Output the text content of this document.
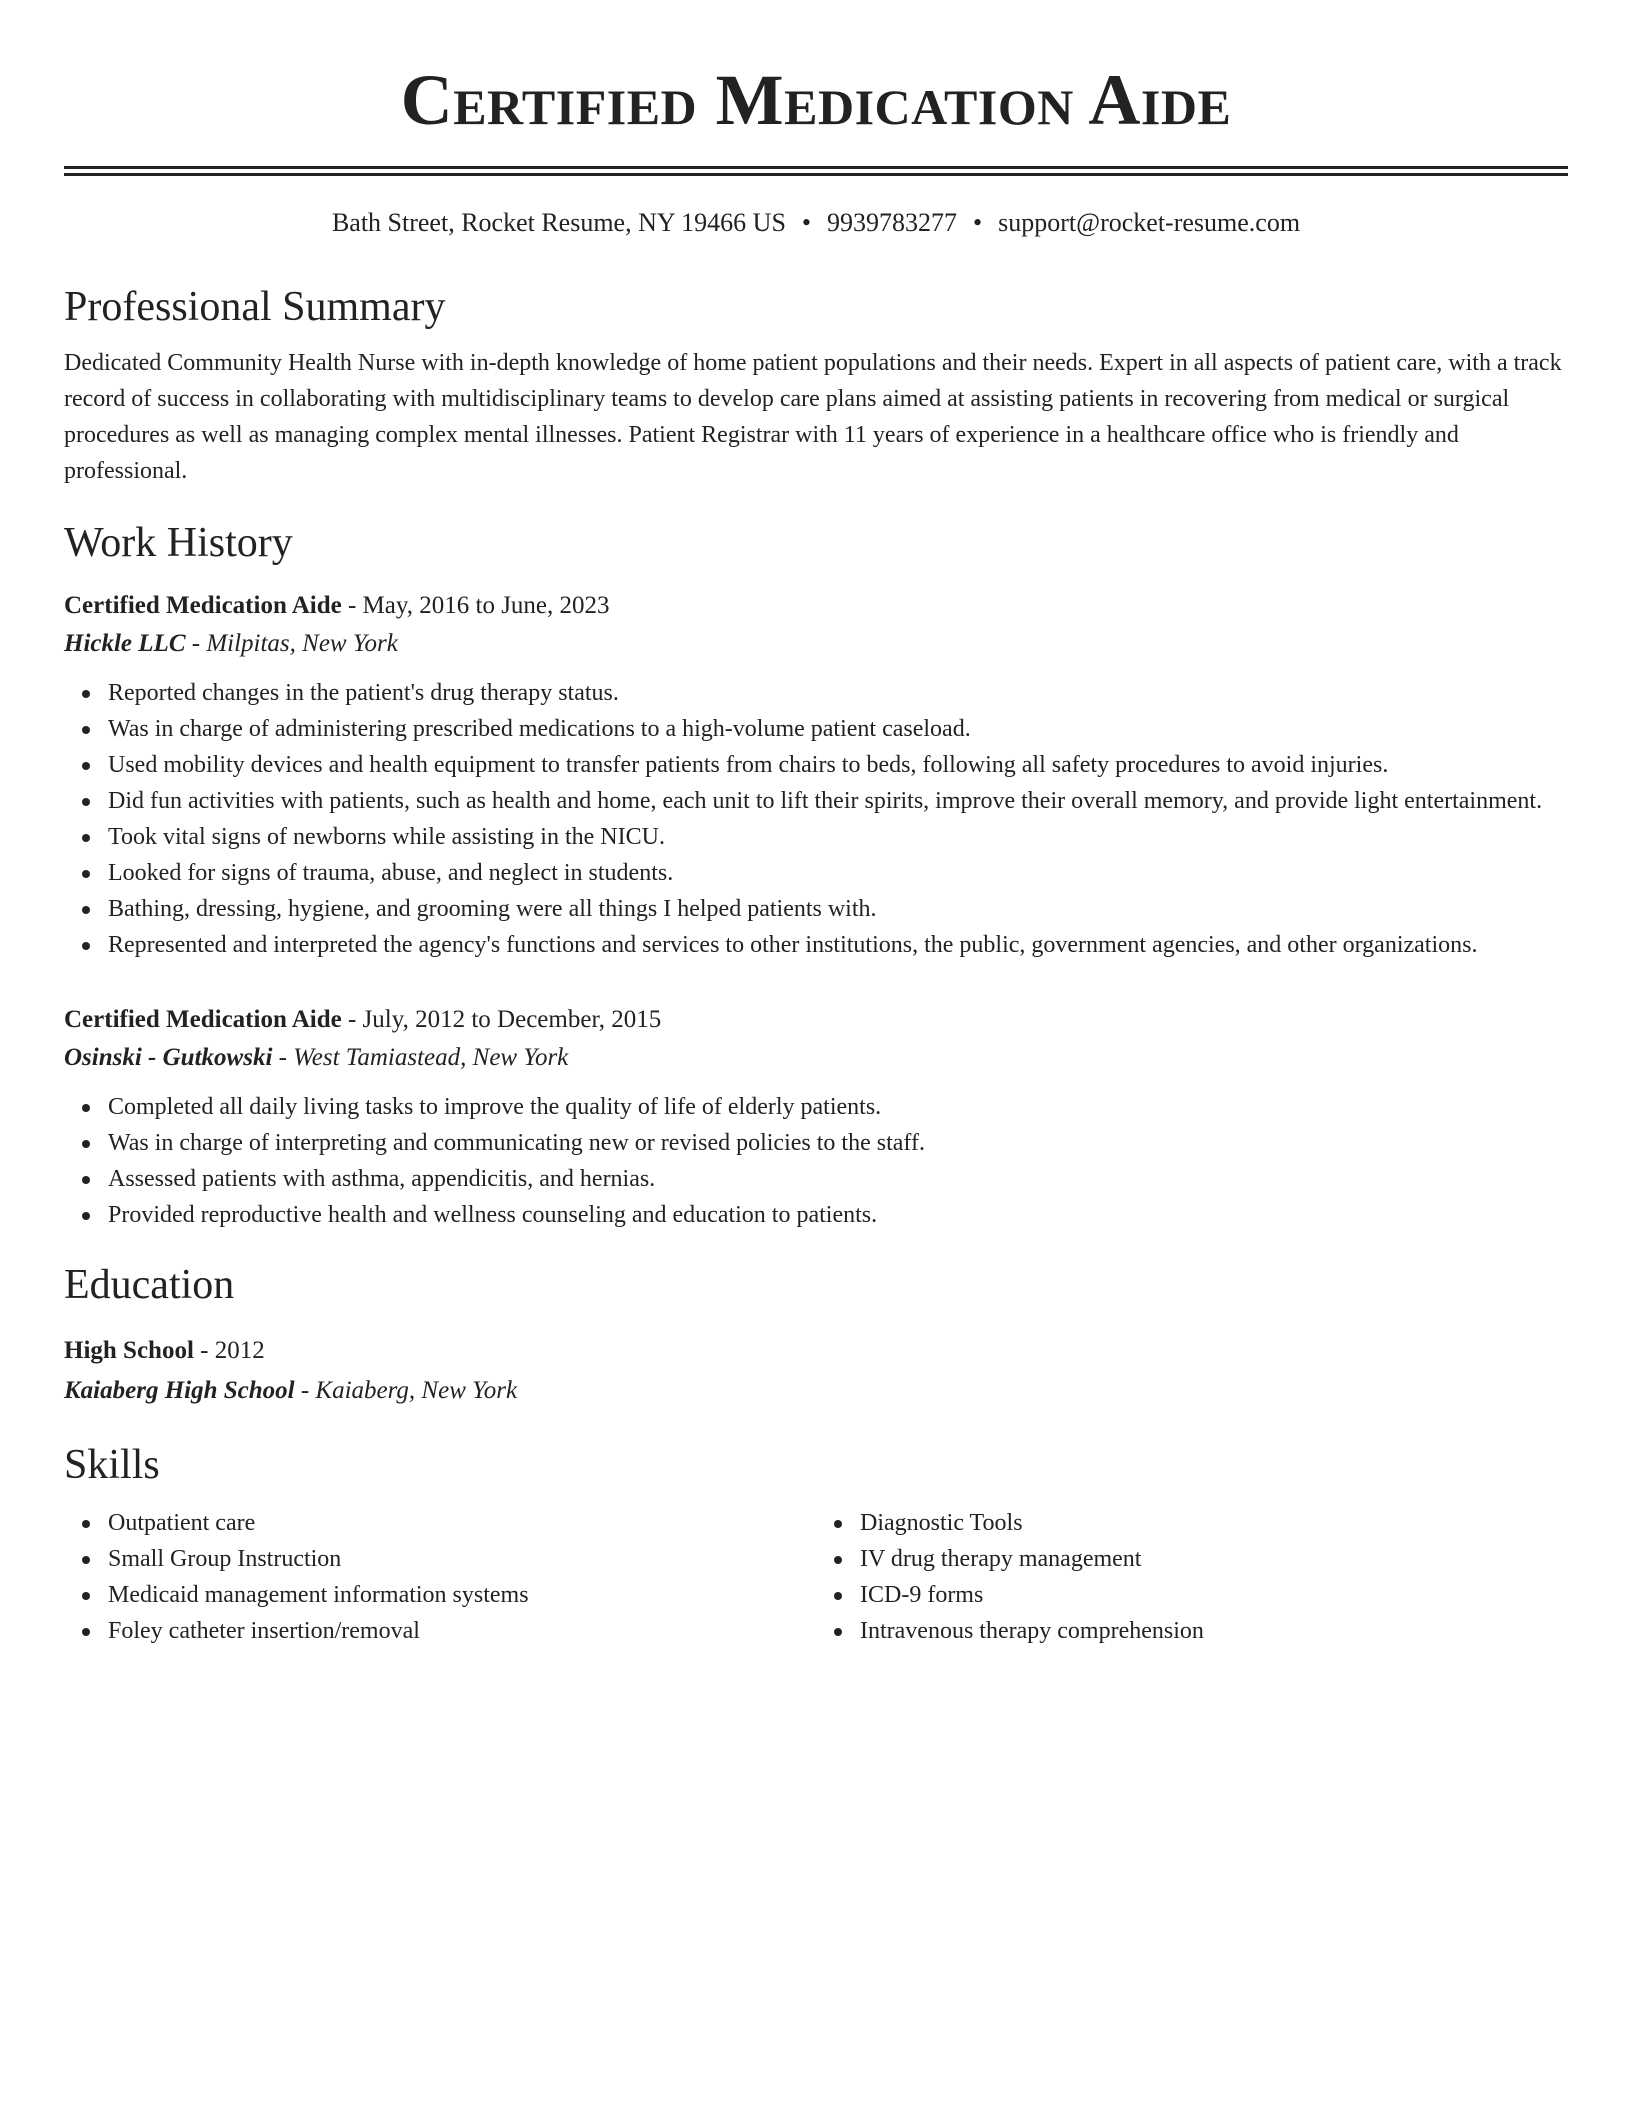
Certified Medication Aide
Bath Street, Rocket Resume, NY 19466 US • 9939783277 • support@rocket-resume.com
Professional Summary
Dedicated Community Health Nurse with in-depth knowledge of home patient populations and their needs. Expert in all aspects of patient care, with a track record of success in collaborating with multidisciplinary teams to develop care plans aimed at assisting patients in recovering from medical or surgical procedures as well as managing complex mental illnesses. Patient Registrar with 11 years of experience in a healthcare office who is friendly and professional.
Work History
Certified Medication Aide - May, 2016 to June, 2023
Hickle LLC - Milpitas, New York
Reported changes in the patient's drug therapy status.
Was in charge of administering prescribed medications to a high-volume patient caseload.
Used mobility devices and health equipment to transfer patients from chairs to beds, following all safety procedures to avoid injuries.
Did fun activities with patients, such as health and home, each unit to lift their spirits, improve their overall memory, and provide light entertainment.
Took vital signs of newborns while assisting in the NICU.
Looked for signs of trauma, abuse, and neglect in students.
Bathing, dressing, hygiene, and grooming were all things I helped patients with.
Represented and interpreted the agency's functions and services to other institutions, the public, government agencies, and other organizations.
Certified Medication Aide - July, 2012 to December, 2015
Osinski - Gutkowski - West Tamiastead, New York
Completed all daily living tasks to improve the quality of life of elderly patients.
Was in charge of interpreting and communicating new or revised policies to the staff.
Assessed patients with asthma, appendicitis, and hernias.
Provided reproductive health and wellness counseling and education to patients.
Education
High School - 2012
Kaiaberg High School - Kaiaberg, New York
Skills
Outpatient care
Small Group Instruction
Medicaid management information systems
Foley catheter insertion/removal
Diagnostic Tools
IV drug therapy management
ICD-9 forms
Intravenous therapy comprehension
